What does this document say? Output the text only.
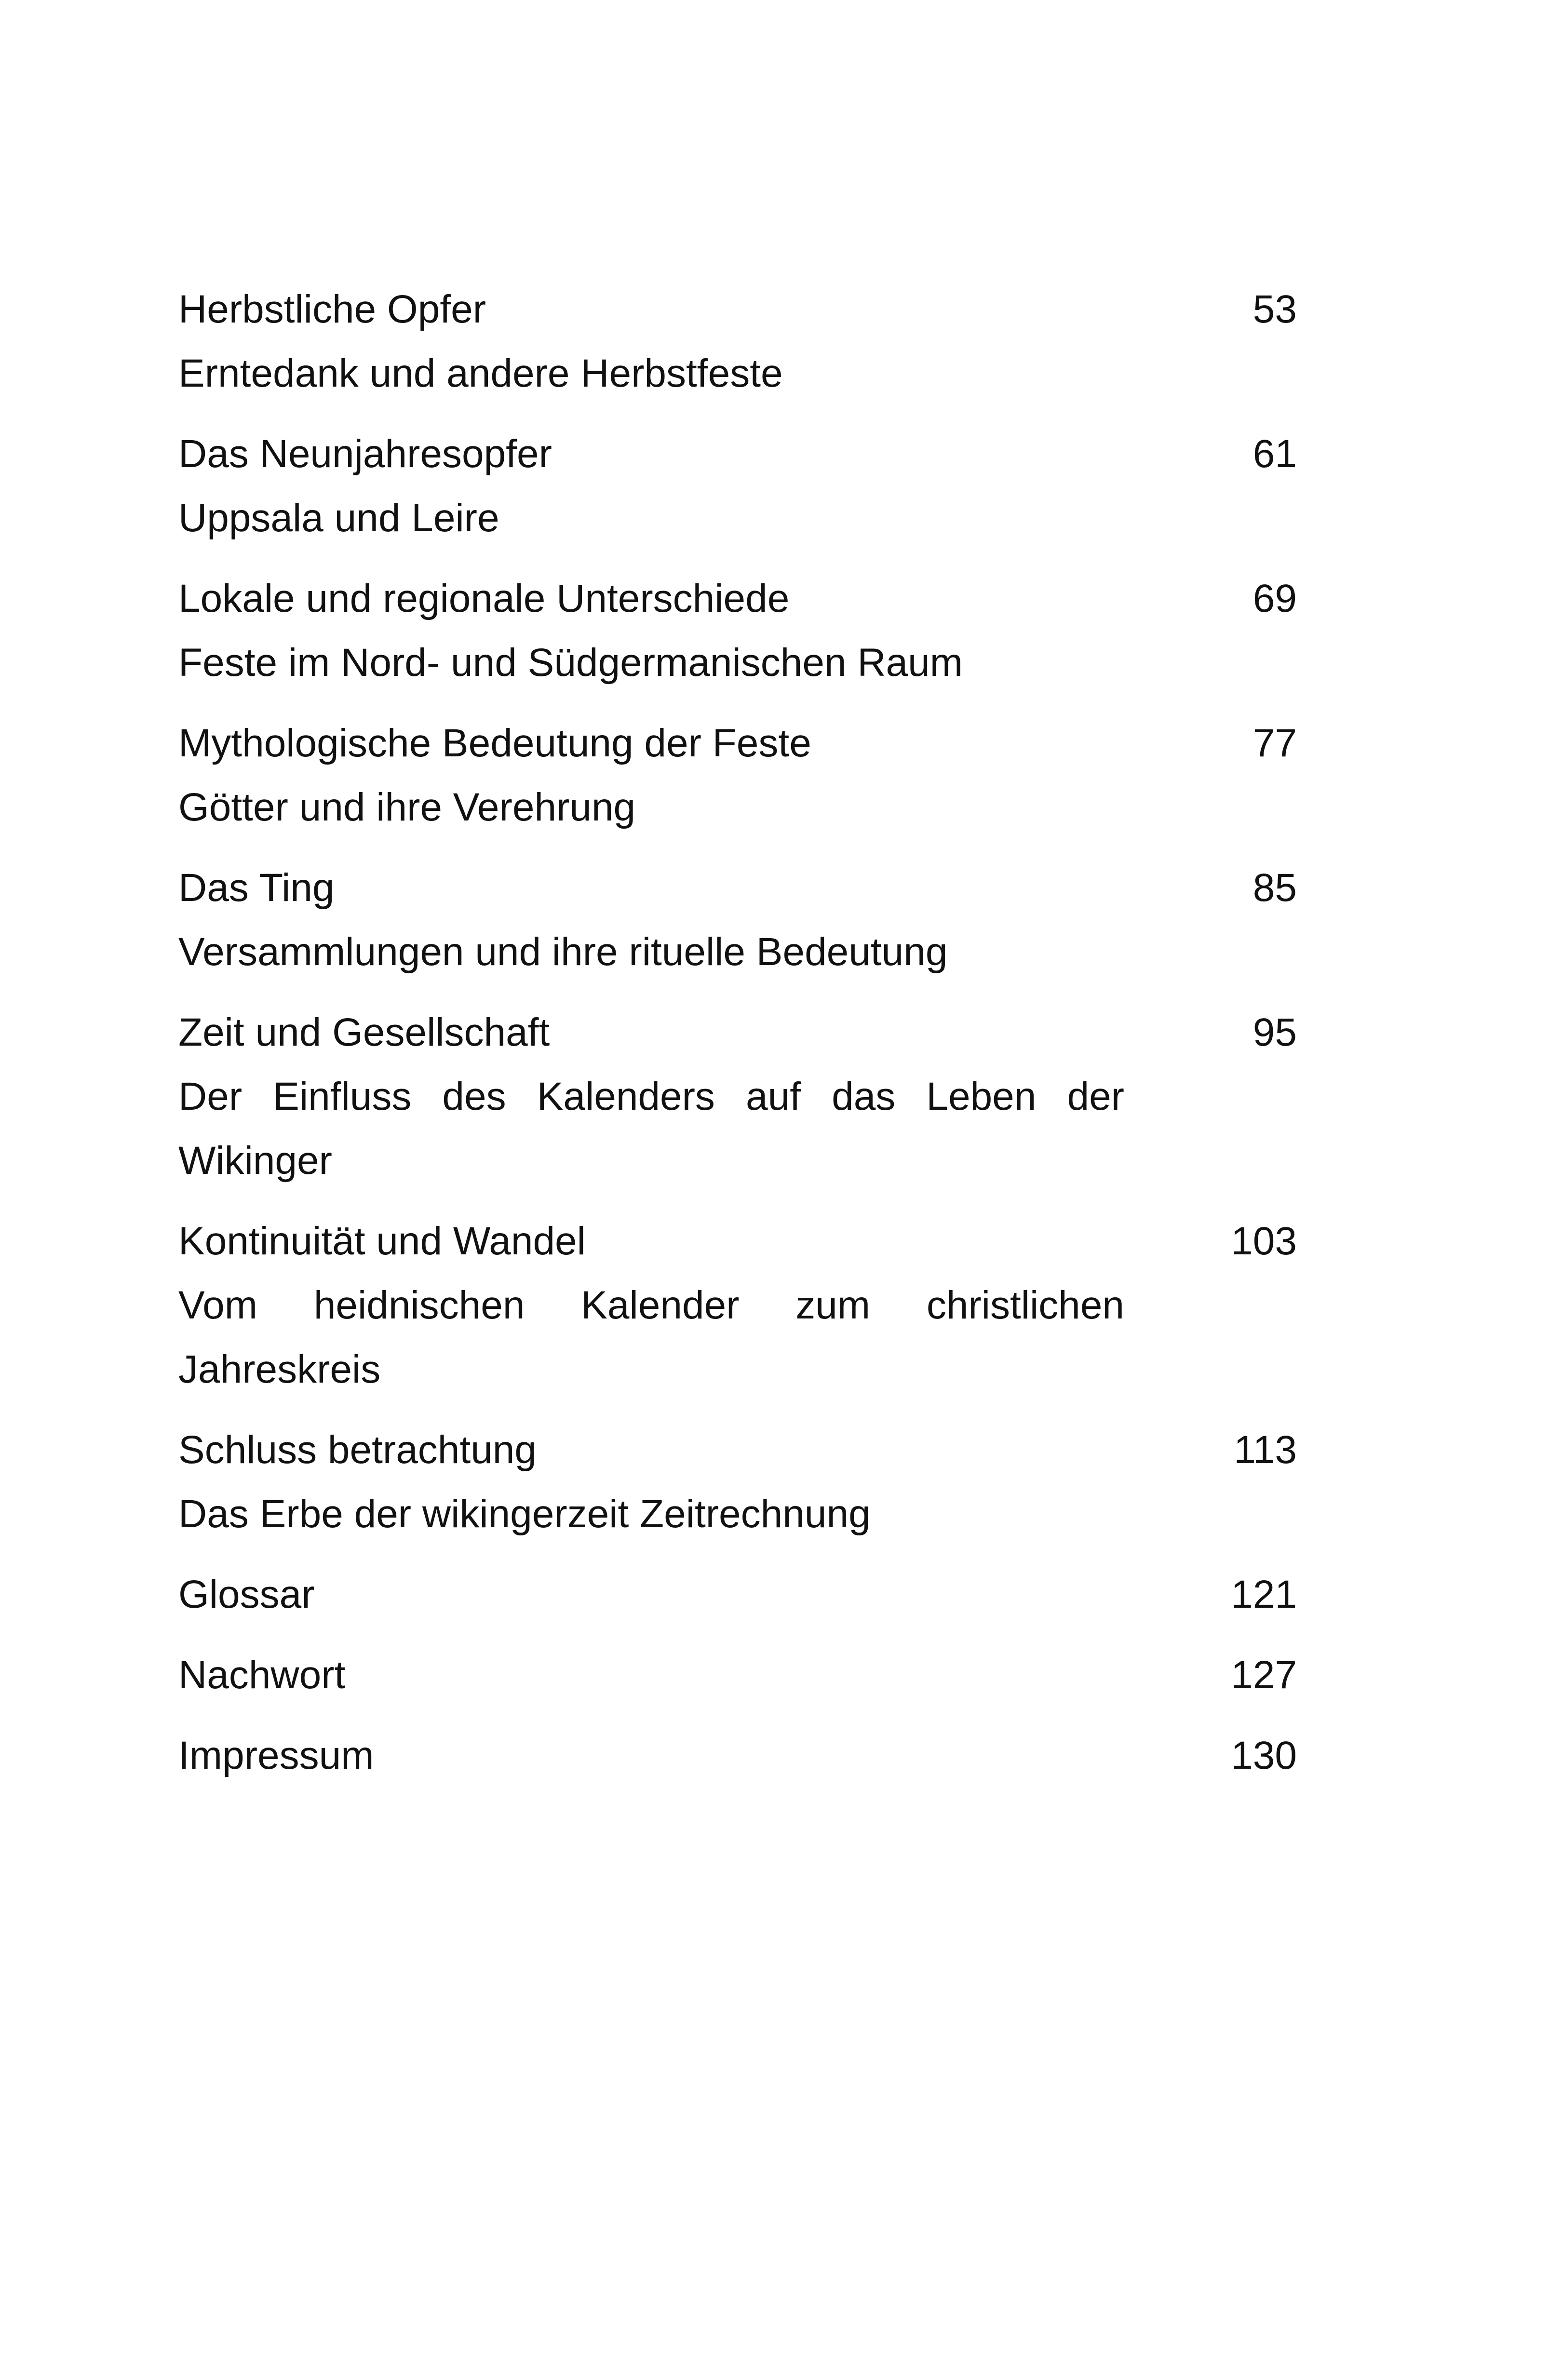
Herbstliche Opfer	53
Erntedank und andere Herbstfeste
Das Neunjahresopfer	61
Uppsala und Leire
Lokale und regionale Unterschiede	69
Feste im Nord- und Südgermanischen Raum
Mythologische Bedeutung der Feste	77
Götter und ihre Verehrung
Das Ting	85
Versammlungen und ihre rituelle Bedeutung
Zeit und Gesellschaft	95
Der Einfluss des Kalenders auf das Leben der Wikinger
Kontinuität und Wandel	103
Vom heidnischen Kalender zum christlichen Jahreskreis
Schluss betrachtung	113
Das Erbe der wikingerzeit Zeitrechnung
Glossar	121
Nachwort	127
Impressum	130
